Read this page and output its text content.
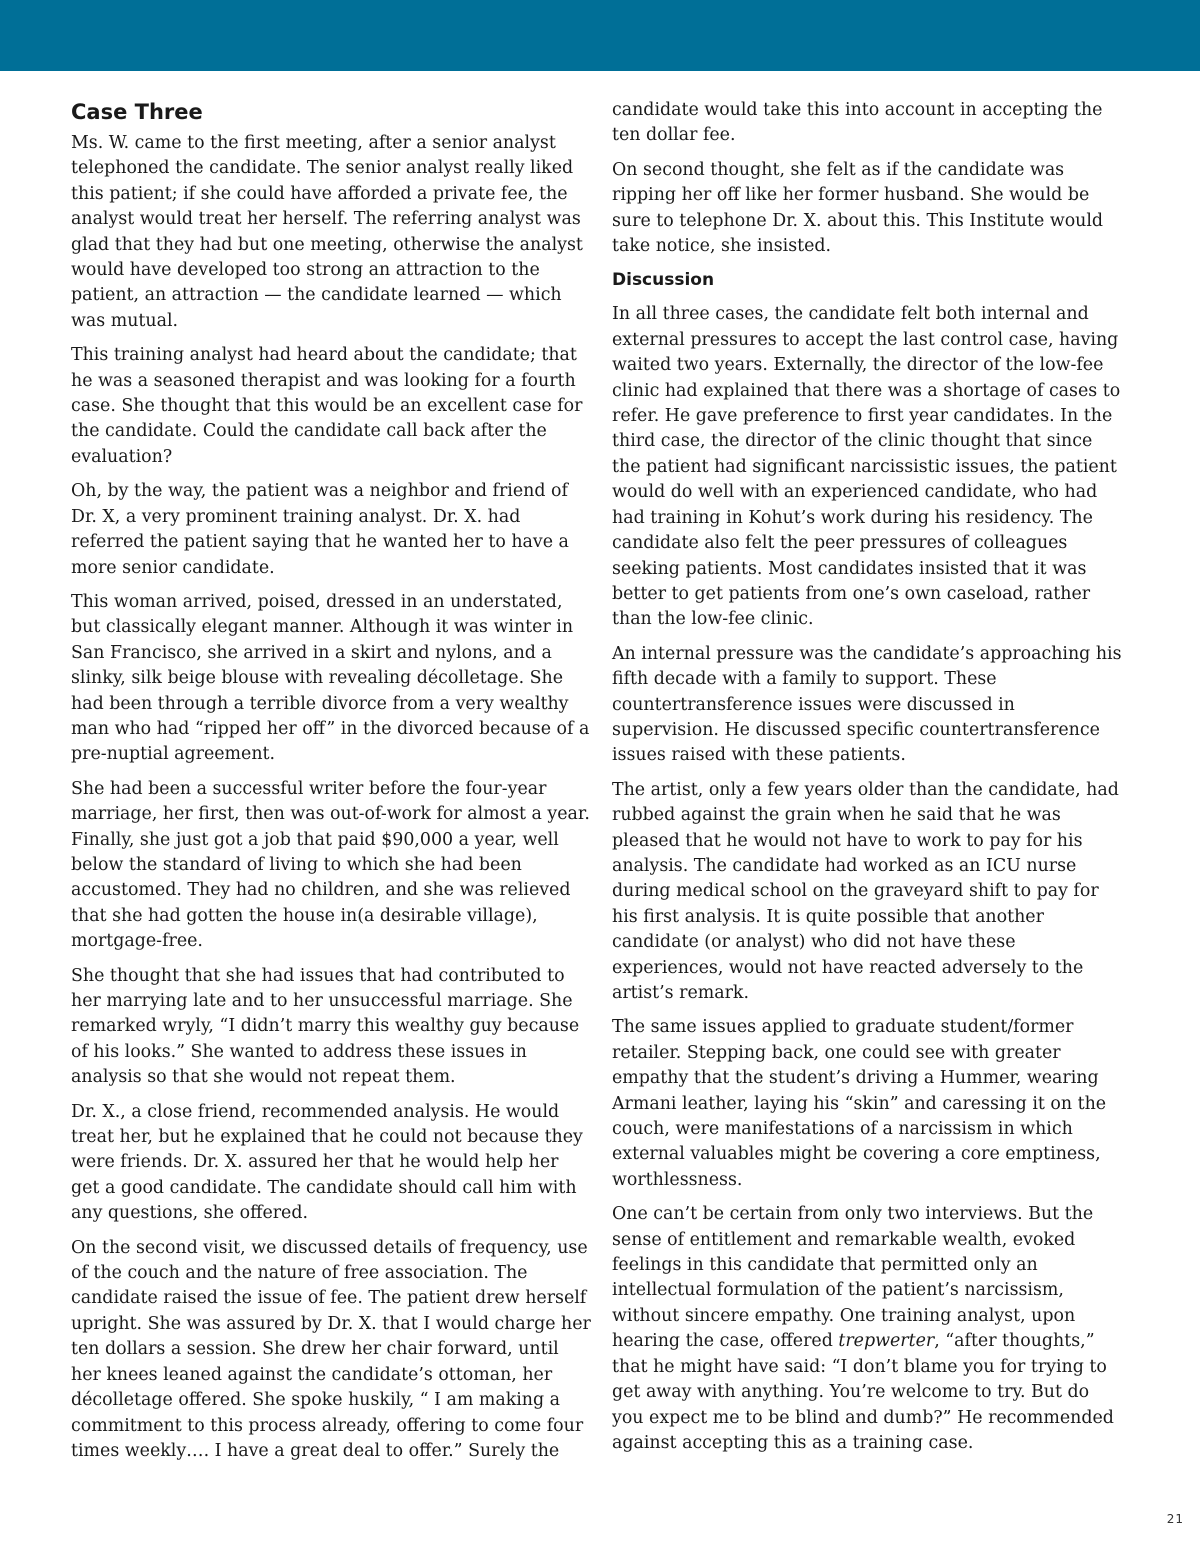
Case Three

Ms. W. came to the first meeting, after a senior analyst telephoned the candidate. The senior analyst really liked this patient; if she could have afforded a private fee, the analyst would treat her herself. The referring analyst was glad that they had but one meeting, otherwise the analyst would have developed too strong an attraction to the patient, an attraction — the candidate learned — which was mutual.

This training analyst had heard about the candidate; that he was a seasoned therapist and was looking for a fourth case. She thought that this would be an excellent case for the candidate. Could the candidate call back after the evaluation?

Oh, by the way, the patient was a neighbor and friend of Dr. X, a very prominent training analyst. Dr. X. had referred the patient saying that he wanted her to have a more senior candidate.

This woman arrived, poised, dressed in an understated, but classically elegant manner. Although it was winter in San Francisco, she arrived in a skirt and nylons, and a slinky, silk beige blouse with revealing décolletage. She had been through a terrible divorce from a very wealthy man who had “ripped her off” in the divorced because of a pre-nuptial agreement.

She had been a successful writer before the four-year marriage, her first, then was out-of-work for almost a year. Finally, she just got a job that paid $90,000 a year, well below the standard of living to which she had been accustomed. They had no children, and she was relieved that she had gotten the house in(a desirable village), mortgage-free.

She thought that she had issues that had contributed to her marrying late and to her unsuccessful marriage. She remarked wryly, “I didn’t marry this wealthy guy because of his looks.” She wanted to address these issues in analysis so that she would not repeat them.

Dr. X., a close friend, recommended analysis. He would treat her, but he explained that he could not because they were friends. Dr. X. assured her that he would help her get a good candidate. The candidate should call him with any questions, she offered.

On the second visit, we discussed details of frequency, use of the couch and the nature of free association. The candidate raised the issue of fee. The patient drew herself upright. She was assured by Dr. X. that I would charge her ten dollars a session. She drew her chair forward, until her knees leaned against the candidate’s ottoman, her décolletage offered. She spoke huskily, “ I am making a commitment to this process already, offering to come four times weekly…. I have a great deal to offer.” Surely the

candidate would take this into account in accepting the ten dollar fee.

On second thought, she felt as if the candidate was ripping her off like her former husband. She would be sure to telephone Dr. X. about this. This Institute would take notice, she insisted.

Discussion

In all three cases, the candidate felt both internal and external pressures to accept the last control case, having waited two years. Externally, the director of the low-fee clinic had explained that there was a shortage of cases to refer. He gave preference to first year candidates. In the third case, the director of the clinic thought that since the patient had significant narcissistic issues, the patient would do well with an experienced candidate, who had had training in Kohut’s work during his residency. The candidate also felt the peer pressures of colleagues seeking patients. Most candidates insisted that it was better to get patients from one’s own caseload, rather than the low-fee clinic.

An internal pressure was the candidate’s approaching his fifth decade with a family to support. These countertransference issues were discussed in supervision. He discussed specific countertransference issues raised with these patients.

The artist, only a few years older than the candidate, had rubbed against the grain when he said that he was pleased that he would not have to work to pay for his analysis. The candidate had worked as an ICU nurse during medical school on the graveyard shift to pay for his first analysis. It is quite possible that another candidate (or analyst) who did not have these experiences, would not have reacted adversely to the artist’s remark.

The same issues applied to graduate student/former retailer. Stepping back, one could see with greater empathy that the student’s driving a Hummer, wearing Armani leather, laying his “skin” and caressing it on the couch, were manifestations of a narcissism in which external valuables might be covering a core emptiness, worthlessness.

One can’t be certain from only two interviews. But the sense of entitlement and remarkable wealth, evoked feelings in this candidate that permitted only an intellectual formulation of the patient’s narcissism, without sincere empathy. One training analyst, upon hearing the case, offered trepwerter, “after thoughts,” that he might have said: “I don’t blame you for trying to get away with anything. You’re welcome to try. But do you expect me to be blind and dumb?” He recommended against accepting this as a training case.

21
